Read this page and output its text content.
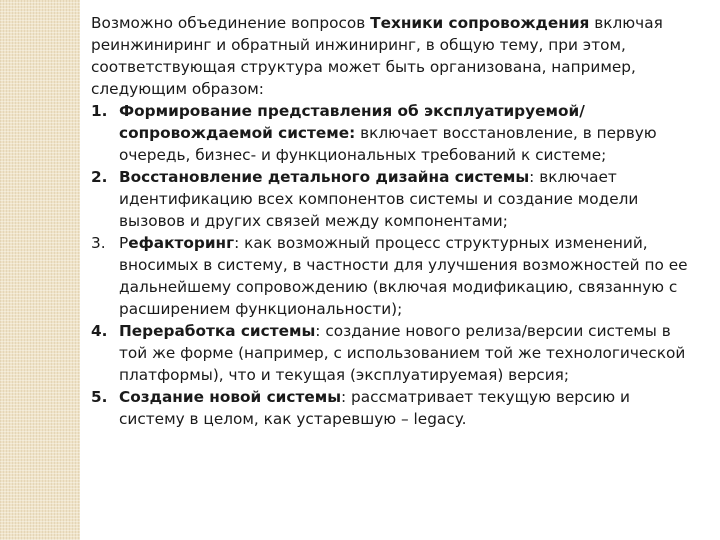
Возможно объединение вопросов Техники сопровождения включая реинжиниринг и обратный инжиниринг, в общую тему, при этом, соответствующая структура может быть организована, например, следующим образом:

1. Формирование представления об эксплуатируемой/сопровождаемой системе: включает восстановление, в первую очередь, бизнес- и функциональных требований к системе;
2. Восстановление детального дизайна системы: включает идентификацию всех компонентов системы и создание модели вызовов и других связей между компонентами;
3. Рефакторинг: как возможный процесс структурных изменений, вносимых в систему, в частности для улучшения возможностей по ее дальнейшему сопровождению (включая модификацию, связанную с расширением функциональности);
4. Переработка системы: создание нового релиза/версии системы в той же форме (например, с использованием той же технологической платформы), что и текущая (эксплуатируемая) версия;
5. Создание новой системы: рассматривает текущую версию и систему в целом, как устаревшую – legacy.
